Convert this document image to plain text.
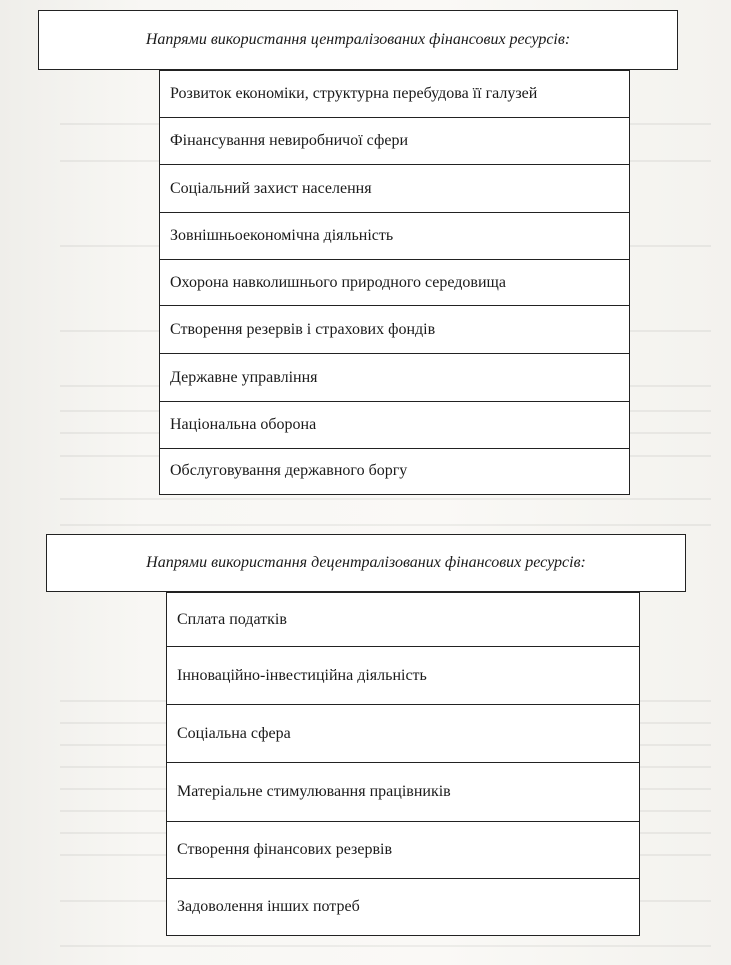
Напрями використання централізованих фінансових ресурсів:
Розвиток економіки, структурна перебудова її галузей
Фінансування невиробничої сфери
Соціальний захист населення
Зовнішньоекономічна діяльність
Охорона навколишнього природного середовища
Створення резервів і страхових фондів
Державне управління
Національна оборона
Обслуговування державного боргу
Напрями використання децентралізованих фінансових ресурсів:
Сплата податків
Інноваційно-інвестиційна діяльність
Соціальна сфера
Матеріальне стимулювання працівників
Створення фінансових резервів
Задоволення інших потреб
